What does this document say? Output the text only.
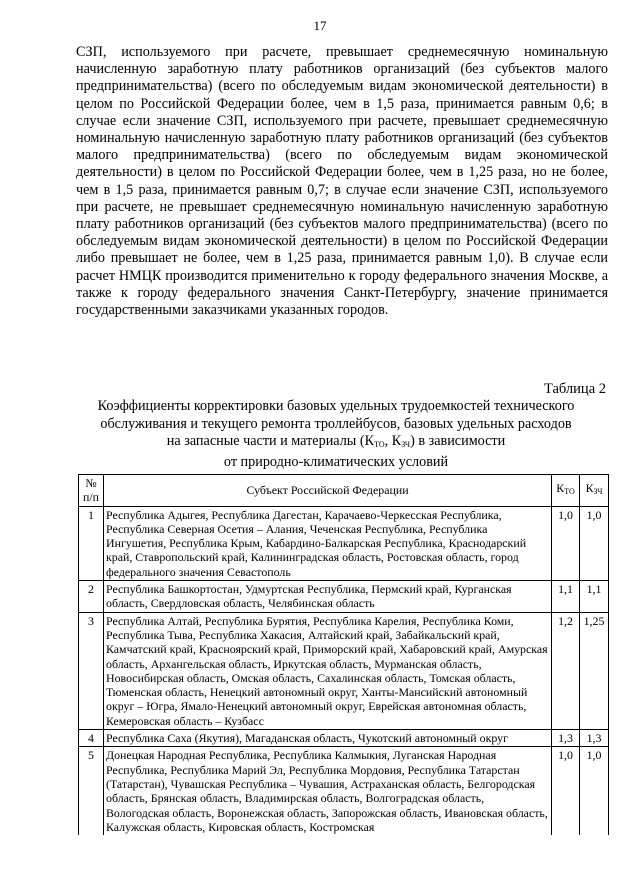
17

СЗП, используемого при расчете, превышает среднемесячную номинальную начисленную заработную плату работников организаций (без субъектов малого предпринимательства) (всего по обследуемым видам экономической деятельности) в целом по Российской Федерации более, чем в 1,5 раза, принимается равным 0,6; в случае если значение СЗП, используемого при расчете, превышает среднемесячную номинальную начисленную заработную плату работников организаций (без субъектов малого предпринимательства) (всего по обследуемым видам экономической деятельности) в целом по Российской Федерации более, чем в 1,25 раза, но не более, чем в 1,5 раза, принимается равным 0,7; в случае если значение СЗП, используемого при расчете, не превышает среднемесячную номинальную начисленную заработную плату работников организаций (без субъектов малого предпринимательства) (всего по обследуемым видам экономической деятельности) в целом по Российской Федерации либо превышает не более, чем в 1,25 раза, принимается равным 1,0). В случае если расчет НМЦК производится применительно к городу федерального значения Москве, а также к городу федерального значения Санкт-Петербургу, значение принимается государственными заказчиками указанных городов.

Таблица 2
Коэффициенты корректировки базовых удельных трудоемкостей технического
обслуживания и текущего ремонта троллейбусов, базовых удельных расходов
на запасные части и материалы ($К_{ТО}$, $К_{ЗЧ}$) в зависимости
от природно-климатических условий
№ п/п	Субъект Российской Федерации	$К_{ТО}$	$К_{ЗЧ}$
1	Республика Адыгея, Республика Дагестан, Карачаево-Черкесская Республика, Республика Северная Осетия – Алания, Чеченская Республика, Республика Ингушетия, Республика Крым, Кабардино-Балкарская Республика, Краснодарский край, Ставропольский край, Калининградская область, Ростовская область, город федерального значения Севастополь	1,0	1,0
2	Республика Башкортостан, Удмуртская Республика, Пермский край, Курганская область, Свердловская область, Челябинская область	1,1	1,1
3	Республика Алтай, Республика Бурятия, Республика Карелия, Республика Коми, Республика Тыва, Республика Хакасия, Алтайский край, Забайкальский край, Камчатский край, Красноярский край, Приморский край, Хабаровский край, Амурская область, Архангельская область, Иркутская область, Мурманская область, Новосибирская область, Омская область, Сахалинская область, Томская область, Тюменская область, Ненецкий автономный округ, Ханты-Мансийский автономный округ – Югра, Ямало-Ненецкий автономный округ, Еврейская автономная область, Кемеровская область – Кузбасс	1,2	1,25
4	Республика Саха (Якутия), Магаданская область, Чукотский автономный округ	1,3	1,3
5	Донецкая Народная Республика, Республика Калмыкия, Луганская Народная Республика, Республика Марий Эл, Республика Мордовия, Республика Татарстан (Татарстан), Чувашская Республика – Чувашия, Астраханская область, Белгородская область, Брянская область, Владимирская область, Волгоградская область, Вологодская область, Воронежская область, Запорожская область, Ивановская область, Калужская область, Кировская область, Костромская	1,0	1,0
